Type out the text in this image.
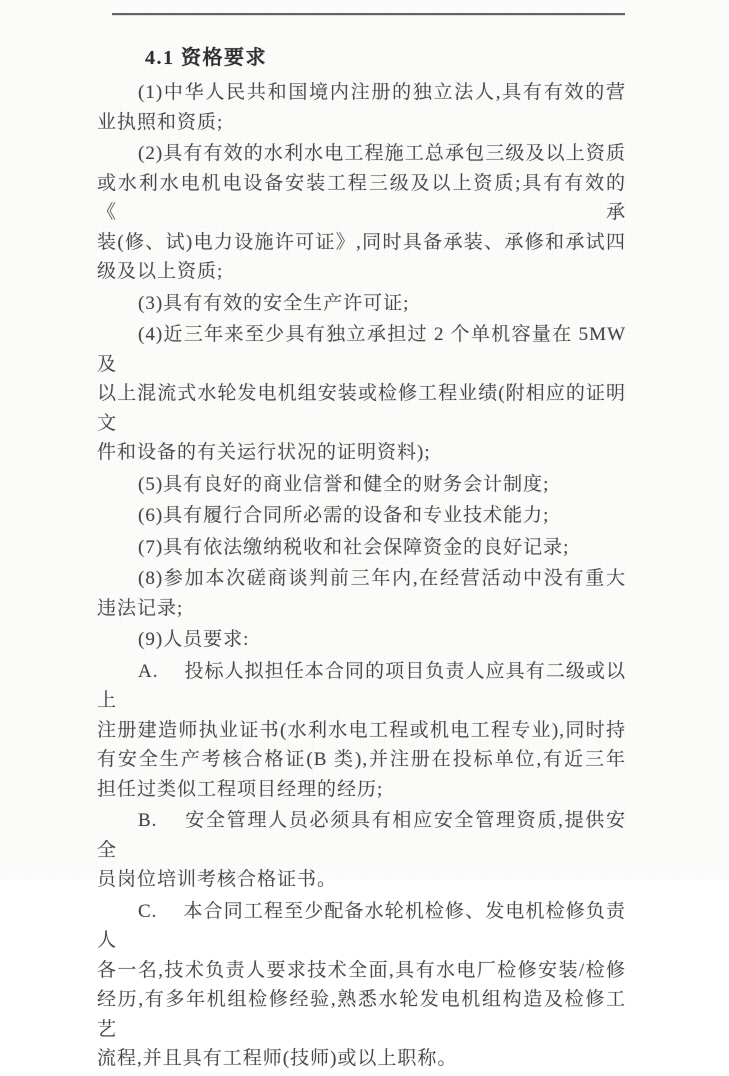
4.1 资格要求
(1)中华人民共和国境内注册的独立法人,具有有效的营
业执照和资质;
(2)具有有效的水利水电工程施工总承包三级及以上资质
或水利水电机电设备安装工程三级及以上资质;具有有效的《承
装(修、试)电力设施许可证》,同时具备承装、承修和承试四
级及以上资质;
(3)具有有效的安全生产许可证;
(4)近三年来至少具有独立承担过 2 个单机容量在 5MW 及
以上混流式水轮发电机组安装或检修工程业绩(附相应的证明文
件和设备的有关运行状况的证明资料);
(5)具有良好的商业信誉和健全的财务会计制度;
(6)具有履行合同所必需的设备和专业技术能力;
(7)具有依法缴纳税收和社会保障资金的良好记录;
(8)参加本次磋商谈判前三年内,在经营活动中没有重大
违法记录;
(9)人员要求:
A.　 投标人拟担任本合同的项目负责人应具有二级或以上
注册建造师执业证书(水利水电工程或机电工程专业),同时持
有安全生产考核合格证(B 类),并注册在投标单位,有近三年
担任过类似工程项目经理的经历;
B.　 安全管理人员必须具有相应安全管理资质,提供安全
员岗位培训考核合格证书。
C.　 本合同工程至少配备水轮机检修、发电机检修负责人
各一名,技术负责人要求技术全面,具有水电厂检修安装/检修
经历,有多年机组检修经验,熟悉水轮发电机组构造及检修工艺
流程,并且具有工程师(技师)或以上职称。
